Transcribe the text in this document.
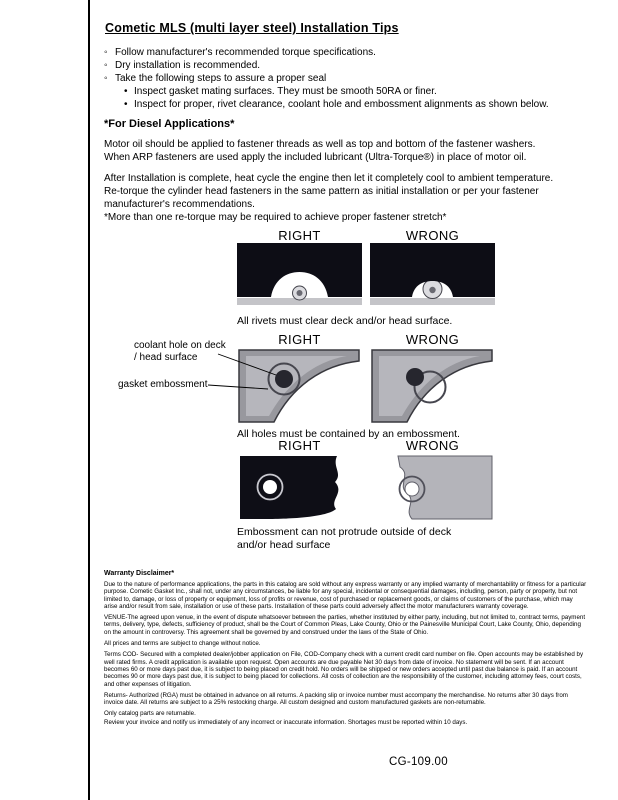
Cometic MLS (multi layer steel) Installation Tips
◦ Follow manufacturer's recommended torque specifications.
◦ Dry installation is recommended.
◦ Take the following steps to assure a proper seal
• Inspect gasket mating surfaces. They must be smooth 50RA or finer.
• Inspect for proper, rivet clearance, coolant hole and embossment alignments as shown below.
*For Diesel Applications*

Motor oil should be applied to fastener threads as well as top and bottom of the fastener washers. When ARP fasteners are used apply the included lubricant (Ultra-Torque®) in place of motor oil.

After Installation is complete, heat cycle the engine then let it completely cool to ambient temperature. Re-torque the cylinder head fasteners in the same pattern as initial installation or per your fastener manufacturer's recommendations.

*More than one re-torque may be required to achieve proper fastener stretch*
RIGHT	WRONG
All rivets must clear deck and/or head surface.
RIGHT	WRONG
All holes must be contained by an embossment.
coolant hole on deck / head surface
gasket embossment
RIGHT	WRONG
Embossment can not protrude outside of deck and/or head surface
Warranty Disclaimer*

Due to the nature of performance applications, the parts in this catalog are sold without any express warranty or any implied warranty of merchantability or fitness for a particular purpose. Cometic Gasket Inc., shall not, under any circumstances, be liable for any special, incidental or consequential damages, including, person, party or property, but not limited to, damage, or loss of property or equipment, loss of profits or revenue, cost of purchased or replacement goods, or claims of customers of the purchase, which may arise and/or result from sale, installation or use of these parts. Installation of these parts could adversely affect the motor manufacturers warranty coverage.

VENUE-The agreed upon venue, in the event of dispute whatsoever between the parties, whether instituted by either party, including, but not limited to, contract terms, payment terms, delivery, type, defects, sufficiency of product, shall be the Court of Common Pleas, Lake County, Ohio or the Painesville Municipal Court, Lake County, Ohio, depending on the amount in controversy. This agreement shall be governed by and construed under the laws of the State of Ohio.

All prices and terms are subject to change without notice.

Terms COD- Secured with a completed dealer/jobber application on File, COD-Company check with a current credit card number on file. Open accounts may be established by well rated firms. A credit application is available upon request. Open accounts are due payable Net 30 days from date of invoice. No statement will be sent. If an account becomes 60 or more days past due, it is subject to being placed on credit hold. No orders will be shipped or new orders accepted until past due balance is paid. If an account becomes 90 or more days past due, it is subject to being placed for collections. All costs of collection are the responsibility of the customer, including attorney fees, court costs, and other expenses of litigation.

Returns- Authorized (RGA) must be obtained in advance on all returns. A packing slip or invoice number must accompany the merchandise. No returns after 30 days from invoice date. All returns are subject to a 25% restocking charge. All custom designed and custom manufactured gaskets are non-returnable.

Only catalog parts are returnable.

Review your invoice and notify us immediately of any incorrect or inaccurate information. Shortages must be reported within 10 days.

CG-109.00
